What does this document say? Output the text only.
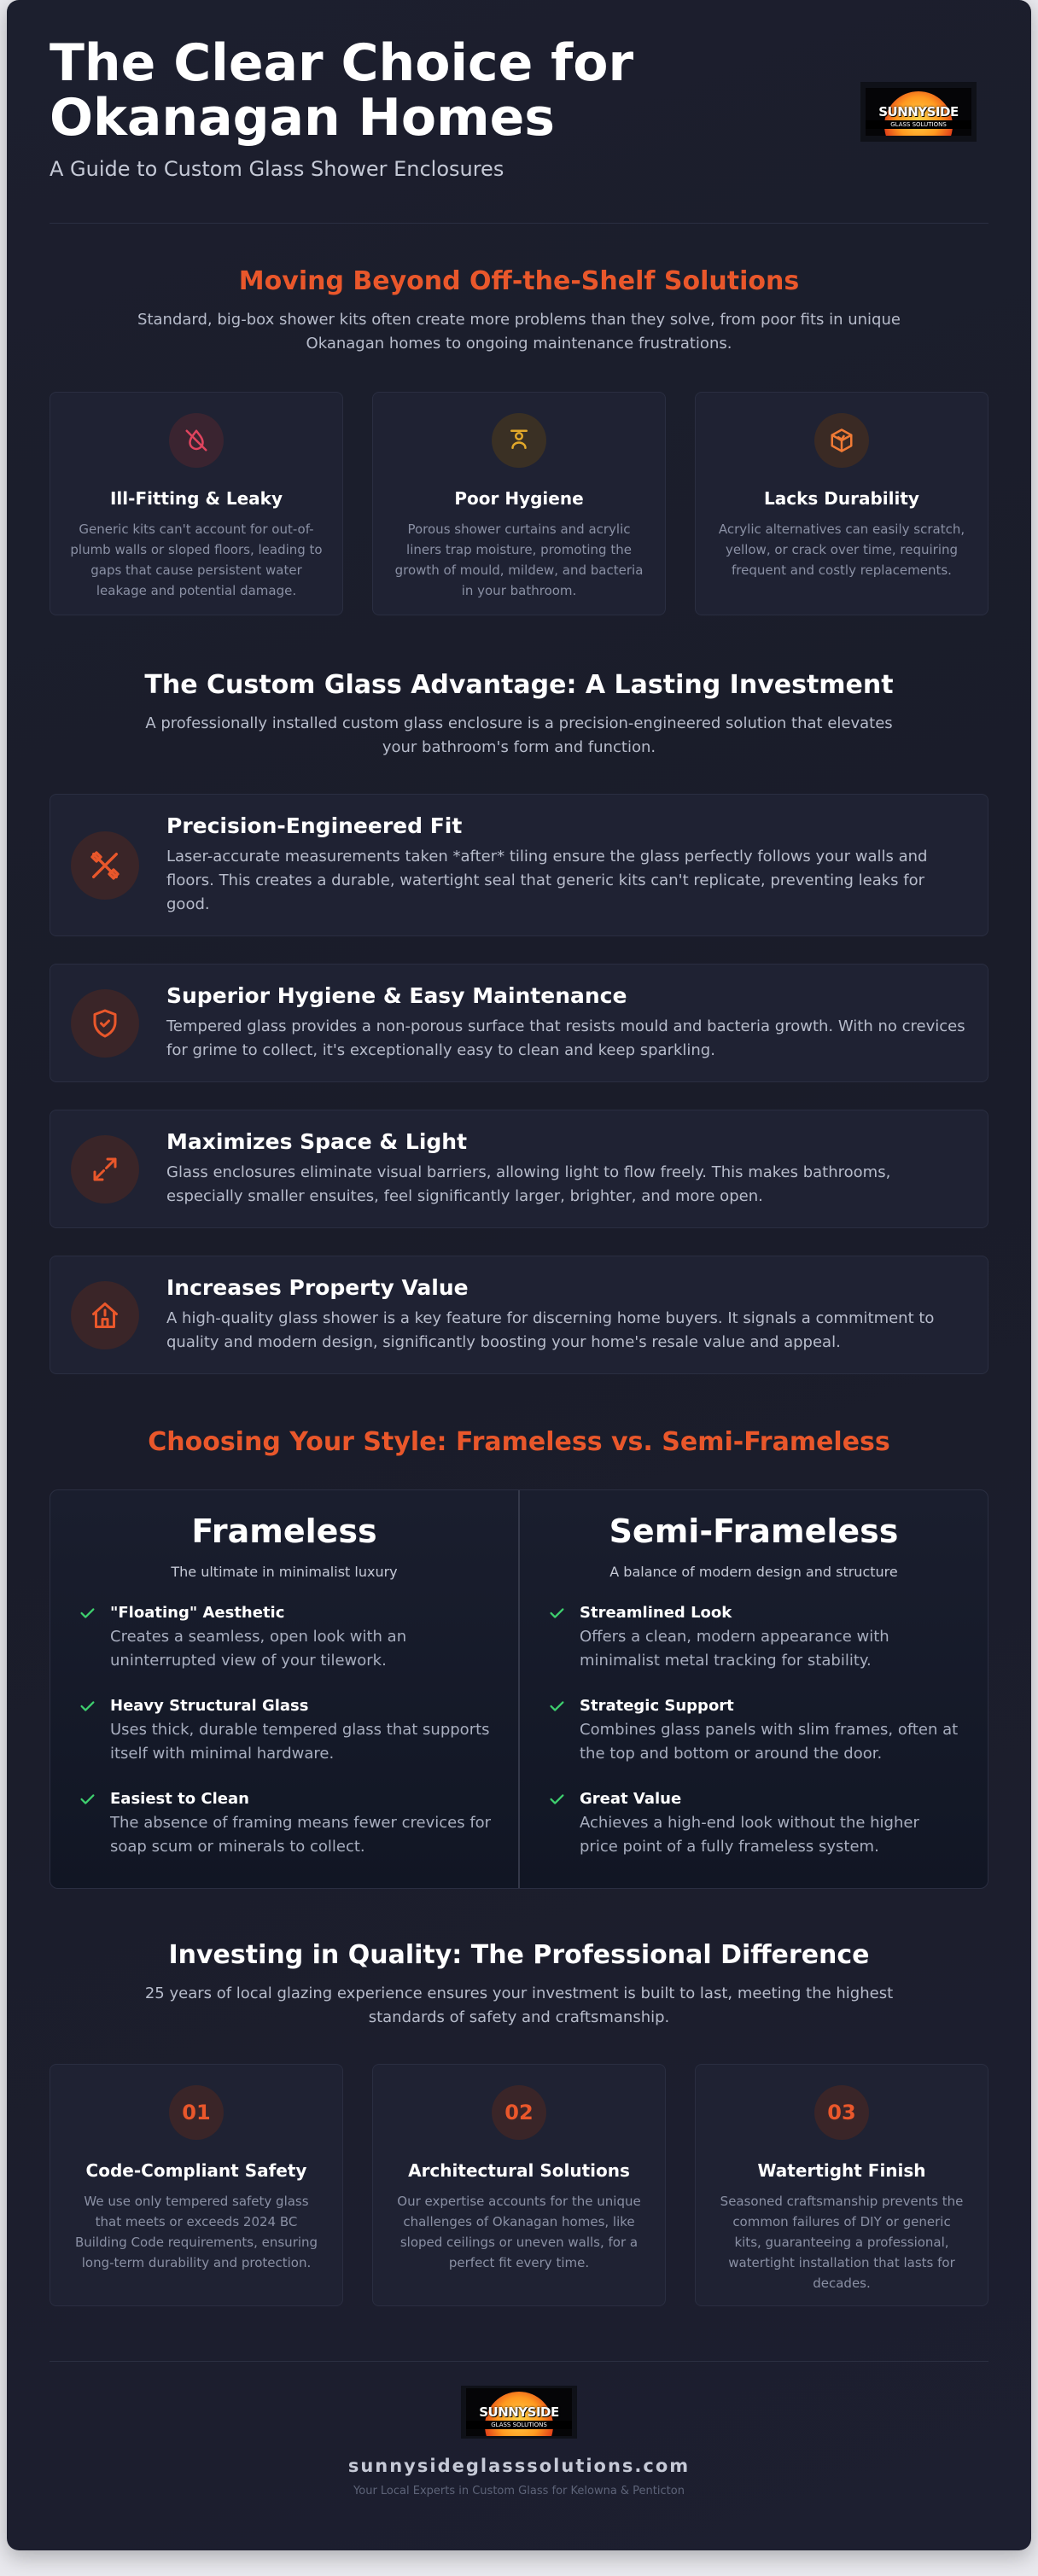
The Clear Choice for Okanagan Homes
A Guide to Custom Glass Shower Enclosures
SUNNYSIDE
GLASS SOLUTIONS
Moving Beyond Off-the-Shelf Solutions
Standard, big-box shower kits often create more problems than they solve, from poor fits in unique Okanagan homes to ongoing maintenance frustrations.
Ill-Fitting & Leaky

Generic kits can't account for out-of-plumb walls or sloped floors, leading to gaps that cause persistent water leakage and potential damage.

Poor Hygiene

Porous shower curtains and acrylic liners trap moisture, promoting the growth of mould, mildew, and bacteria in your bathroom.

Lacks Durability

Acrylic alternatives can easily scratch, yellow, or crack over time, requiring frequent and costly replacements.

The Custom Glass Advantage: A Lasting Investment
A professionally installed custom glass enclosure is a precision-engineered solution that elevates your bathroom's form and function.
Precision-Engineered Fit

Laser-accurate measurements taken *after* tiling ensure the glass perfectly follows your walls and floors. This creates a durable, watertight seal that generic kits can't replicate, preventing leaks for good.

Superior Hygiene & Easy Maintenance

Tempered glass provides a non-porous surface that resists mould and bacteria growth. With no crevices for grime to collect, it's exceptionally easy to clean and keep sparkling.

Maximizes Space & Light

Glass enclosures eliminate visual barriers, allowing light to flow freely. This makes bathrooms, especially smaller ensuites, feel significantly larger, brighter, and more open.

Increases Property Value

A high-quality glass shower is a key feature for discerning home buyers. It signals a commitment to quality and modern design, significantly boosting your home's resale value and appeal.

Choosing Your Style: Frameless vs. Semi-Frameless
Frameless
The ultimate in minimalist luxury
"Floating" Aesthetic

Creates a seamless, open look with an uninterrupted view of your tilework.

Heavy Structural Glass

Uses thick, durable tempered glass that supports itself with minimal hardware.

Easiest to Clean

The absence of framing means fewer crevices for soap scum or minerals to collect.

Semi-Frameless
A balance of modern design and structure
Streamlined Look

Offers a clean, modern appearance with minimalist metal tracking for stability.

Strategic Support

Combines glass panels with slim frames, often at the top and bottom or around the door.

Great Value

Achieves a high-end look without the higher price point of a fully frameless system.

Investing in Quality: The Professional Difference
25 years of local glazing experience ensures your investment is built to last, meeting the highest standards of safety and craftsmanship.
01
Code-Compliant Safety

We use only tempered safety glass that meets or exceeds 2024 BC Building Code requirements, ensuring long-term durability and protection.

02
Architectural Solutions

Our expertise accounts for the unique challenges of Okanagan homes, like sloped ceilings or uneven walls, for a perfect fit every time.

03
Watertight Finish

Seasoned craftsmanship prevents the common failures of DIY or generic kits, guaranteeing a professional, watertight installation that lasts for decades.

SUNNYSIDE
GLASS SOLUTIONS
sunnysideglasssolutions.com
Your Local Experts in Custom Glass for Kelowna & Penticton
